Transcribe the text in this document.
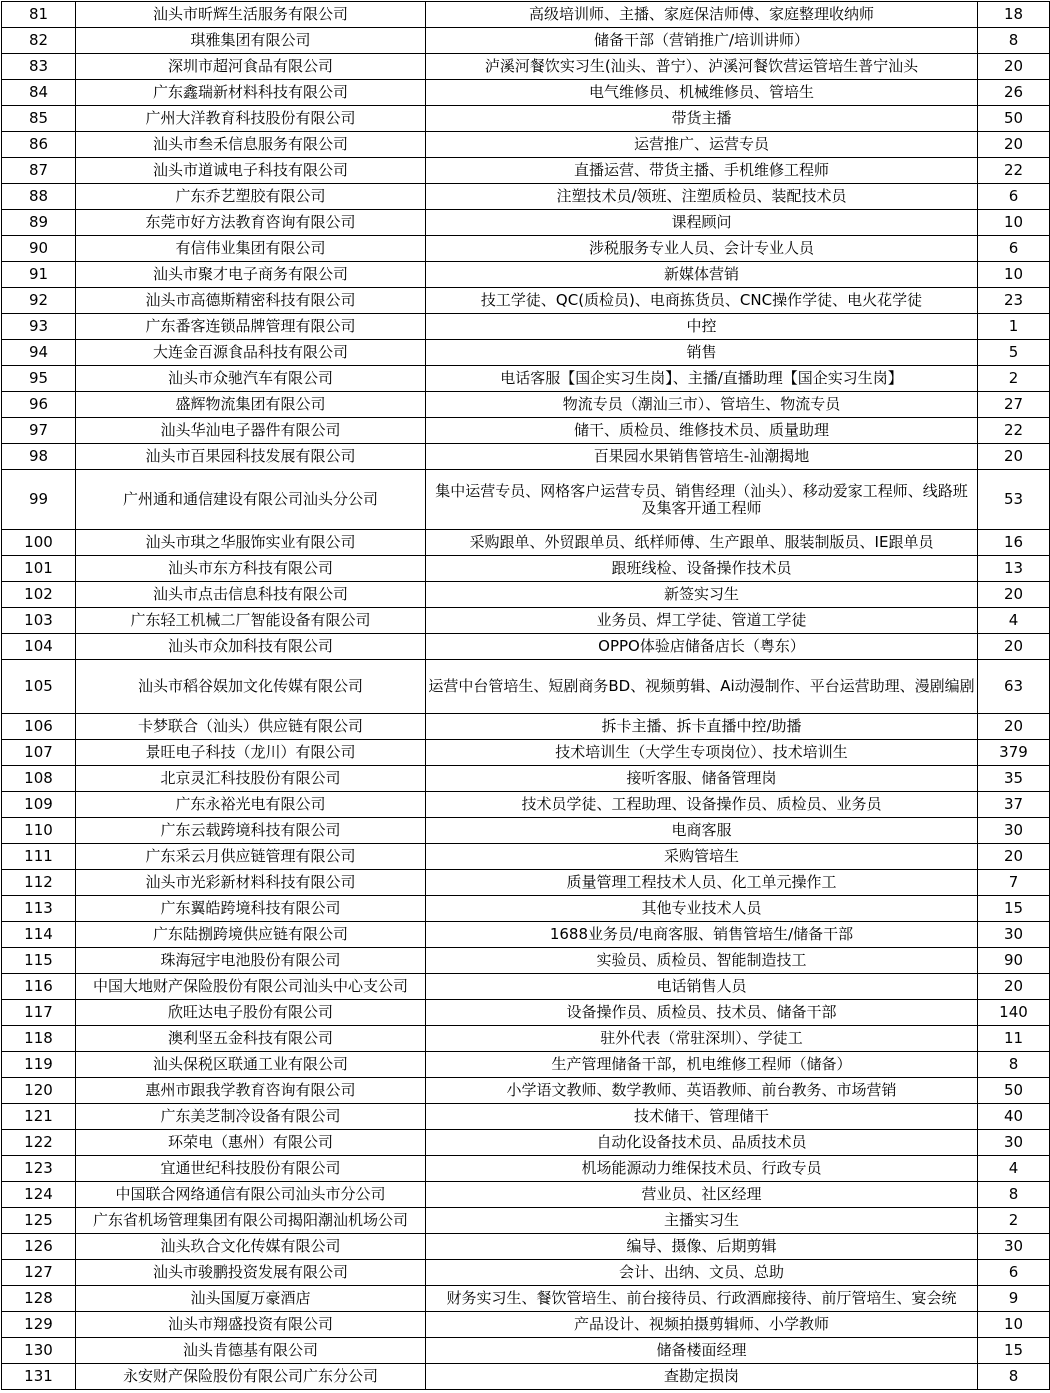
81	汕头市昕辉生活服务有限公司	高级培训师、主播、家庭保洁师傅、家庭整理收纳师	18
82	琪雅集团有限公司	储备干部（营销推广/培训讲师）	8
83	深圳市超河食品有限公司	泸溪河餐饮实习生(汕头、普宁）、泸溪河餐饮营运管培生普宁汕头	20
84	广东鑫瑞新材料科技有限公司	电气维修员、机械维修员、管培生	26
85	广州大洋教育科技股份有限公司	带货主播	50
86	汕头市叁禾信息服务有限公司	运营推广、运营专员	20
87	汕头市道诚电子科技有限公司	直播运营、带货主播、手机维修工程师	22
88	广东乔艺塑胶有限公司	注塑技术员/领班、注塑质检员、装配技术员	6
89	东莞市好方法教育咨询有限公司	课程顾问	10
90	有信伟业集团有限公司	涉税服务专业人员、会计专业人员	6
91	汕头市聚才电子商务有限公司	新媒体营销	10
92	汕头市高德斯精密科技有限公司	技工学徒、QC(质检员)、电商拣货员、CNC操作学徒、电火花学徒	23
93	广东番客连锁品牌管理有限公司	中控	1
94	大连金百源食品科技有限公司	销售	5
95	汕头市众驰汽车有限公司	电话客服【国企实习生岗】、主播/直播助理【国企实习生岗】	2
96	盛辉物流集团有限公司	物流专员（潮汕三市）、管培生、物流专员	27
97	汕头华汕电子器件有限公司	储干、质检员、维修技术员、质量助理	22
98	汕头市百果园科技发展有限公司	百果园水果销售管培生-汕潮揭地	20
99	广州通和通信建设有限公司汕头分公司	集中运营专员、网格客户运营专员、销售经理（汕头）、移动爱家工程师、线路班及集客开通工程师	53
100	汕头市琪之华服饰实业有限公司	采购跟单、外贸跟单员、纸样师傅、生产跟单、服装制版员、IE跟单员	16
101	汕头市东方科技有限公司	跟班线检、设备操作技术员	13
102	汕头市点击信息科技有限公司	新签实习生	20
103	广东轻工机械二厂智能设备有限公司	业务员、焊工学徒、管道工学徒	4
104	汕头市众加科技有限公司	OPPO体验店储备店长（粤东）	20
105	汕头市稻谷娱加文化传媒有限公司	运营中台管培生、短剧商务BD、视频剪辑、Ai动漫制作、平台运营助理、漫剧编剧	63
106	卡梦联合（汕头）供应链有限公司	拆卡主播、拆卡直播中控/助播	20
107	景旺电子科技（龙川）有限公司	技术培训生（大学生专项岗位）、技术培训生	379
108	北京灵汇科技股份有限公司	接听客服、储备管理岗	35
109	广东永裕光电有限公司	技术员学徒、工程助理、设备操作员、质检员、业务员	37
110	广东云载跨境科技有限公司	电商客服	30
111	广东采云月供应链管理有限公司	采购管培生	20
112	汕头市光彩新材料科技有限公司	质量管理工程技术人员、化工单元操作工	7
113	广东翼皓跨境科技有限公司	其他专业技术人员	15
114	广东陆捌跨境供应链有限公司	1688业务员/电商客服、销售管培生/储备干部	30
115	珠海冠宇电池股份有限公司	实验员、质检员、智能制造技工	90
116	中国大地财产保险股份有限公司汕头中心支公司	电话销售人员	20
117	欣旺达电子股份有限公司	设备操作员、质检员、技术员、储备干部	140
118	澳利坚五金科技有限公司	驻外代表（常驻深圳）、学徒工	11
119	汕头保税区联通工业有限公司	生产管理储备干部，机电维修工程师（储备）	8
120	惠州市跟我学教育咨询有限公司	小学语文教师、数学教师、英语教师、前台教务、市场营销	50
121	广东美芝制冷设备有限公司	技术储干、管理储干	40
122	环荣电（惠州）有限公司	自动化设备技术员、品质技术员	30
123	宜通世纪科技股份有限公司	机场能源动力维保技术员、行政专员	4
124	中国联合网络通信有限公司汕头市分公司	营业员、社区经理	8
125	广东省机场管理集团有限公司揭阳潮汕机场公司	主播实习生	2
126	汕头玖合文化传媒有限公司	编导、摄像、后期剪辑	30
127	汕头市骏鹏投资发展有限公司	会计、出纳、文员、总助	6
128	汕头国厦万豪酒店	财务实习生、餐饮管培生、前台接待员、行政酒廊接待、前厅管培生、宴会统	9
129	汕头市翔盛投资有限公司	产品设计、视频拍摄剪辑师、小学教师	10
130	汕头肯德基有限公司	储备楼面经理	15
131	永安财产保险股份有限公司广东分公司	查勘定损岗	8
